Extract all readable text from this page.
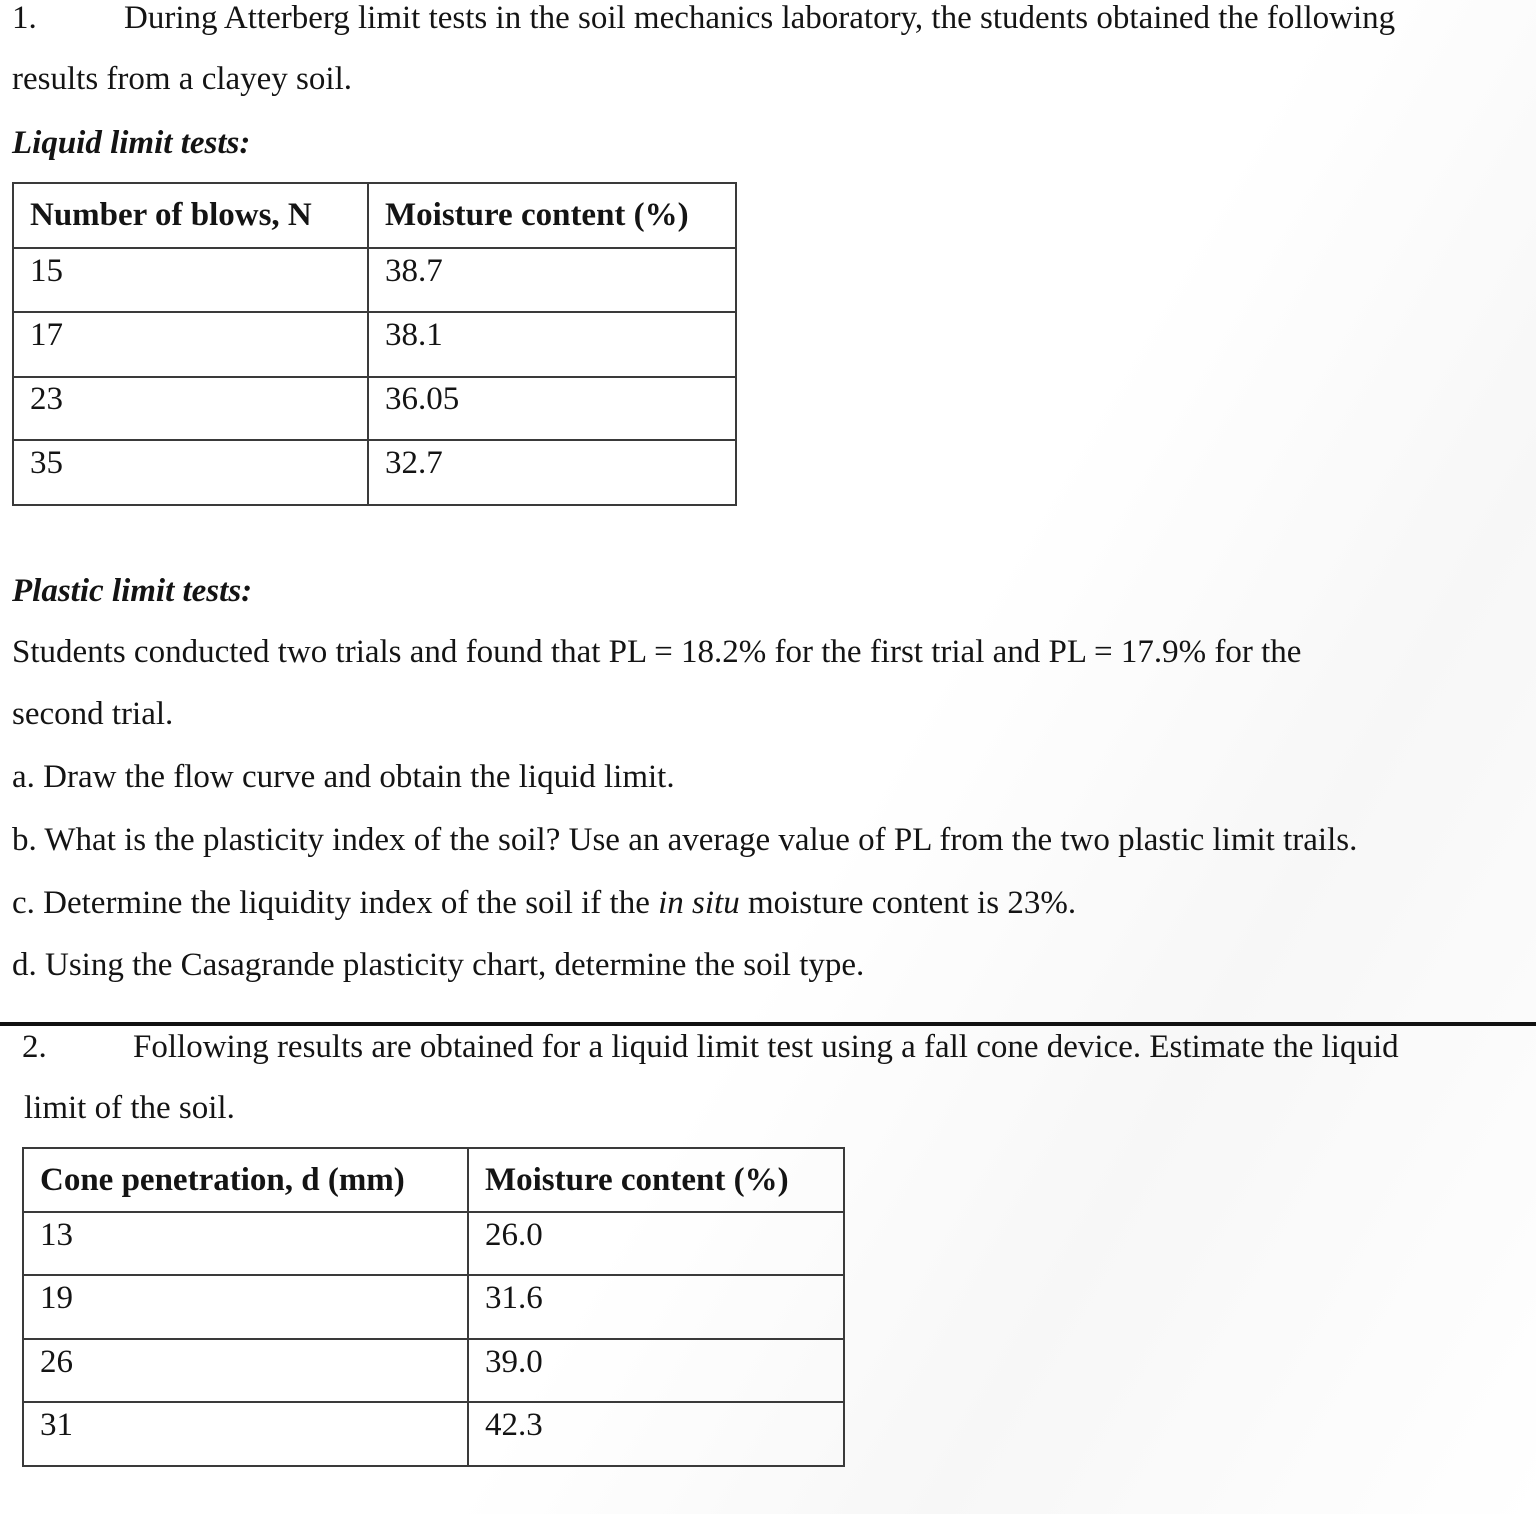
1.	During Atterberg limit tests in the soil mechanics laboratory, the students obtained the following
results from a clayey soil.
Liquid limit tests:
Number of blows, N	Moisture content (%)
15	38.7
17	38.1
23	36.05
35	32.7
Plastic limit tests:
Students conducted two trials and found that PL = 18.2% for the first trial and PL = 17.9% for the
second trial.
a. Draw the flow curve and obtain the liquid limit.
b. What is the plasticity index of the soil? Use an average value of PL from the two plastic limit trails.
c. Determine the liquidity index of the soil if the in situ moisture content is 23%.
d. Using the Casagrande plasticity chart, determine the soil type.
2.	Following results are obtained for a liquid limit test using a fall cone device. Estimate the liquid
limit of the soil.
Cone penetration, d (mm)	Moisture content (%)
13	26.0
19	31.6
26	39.0
31	42.3
